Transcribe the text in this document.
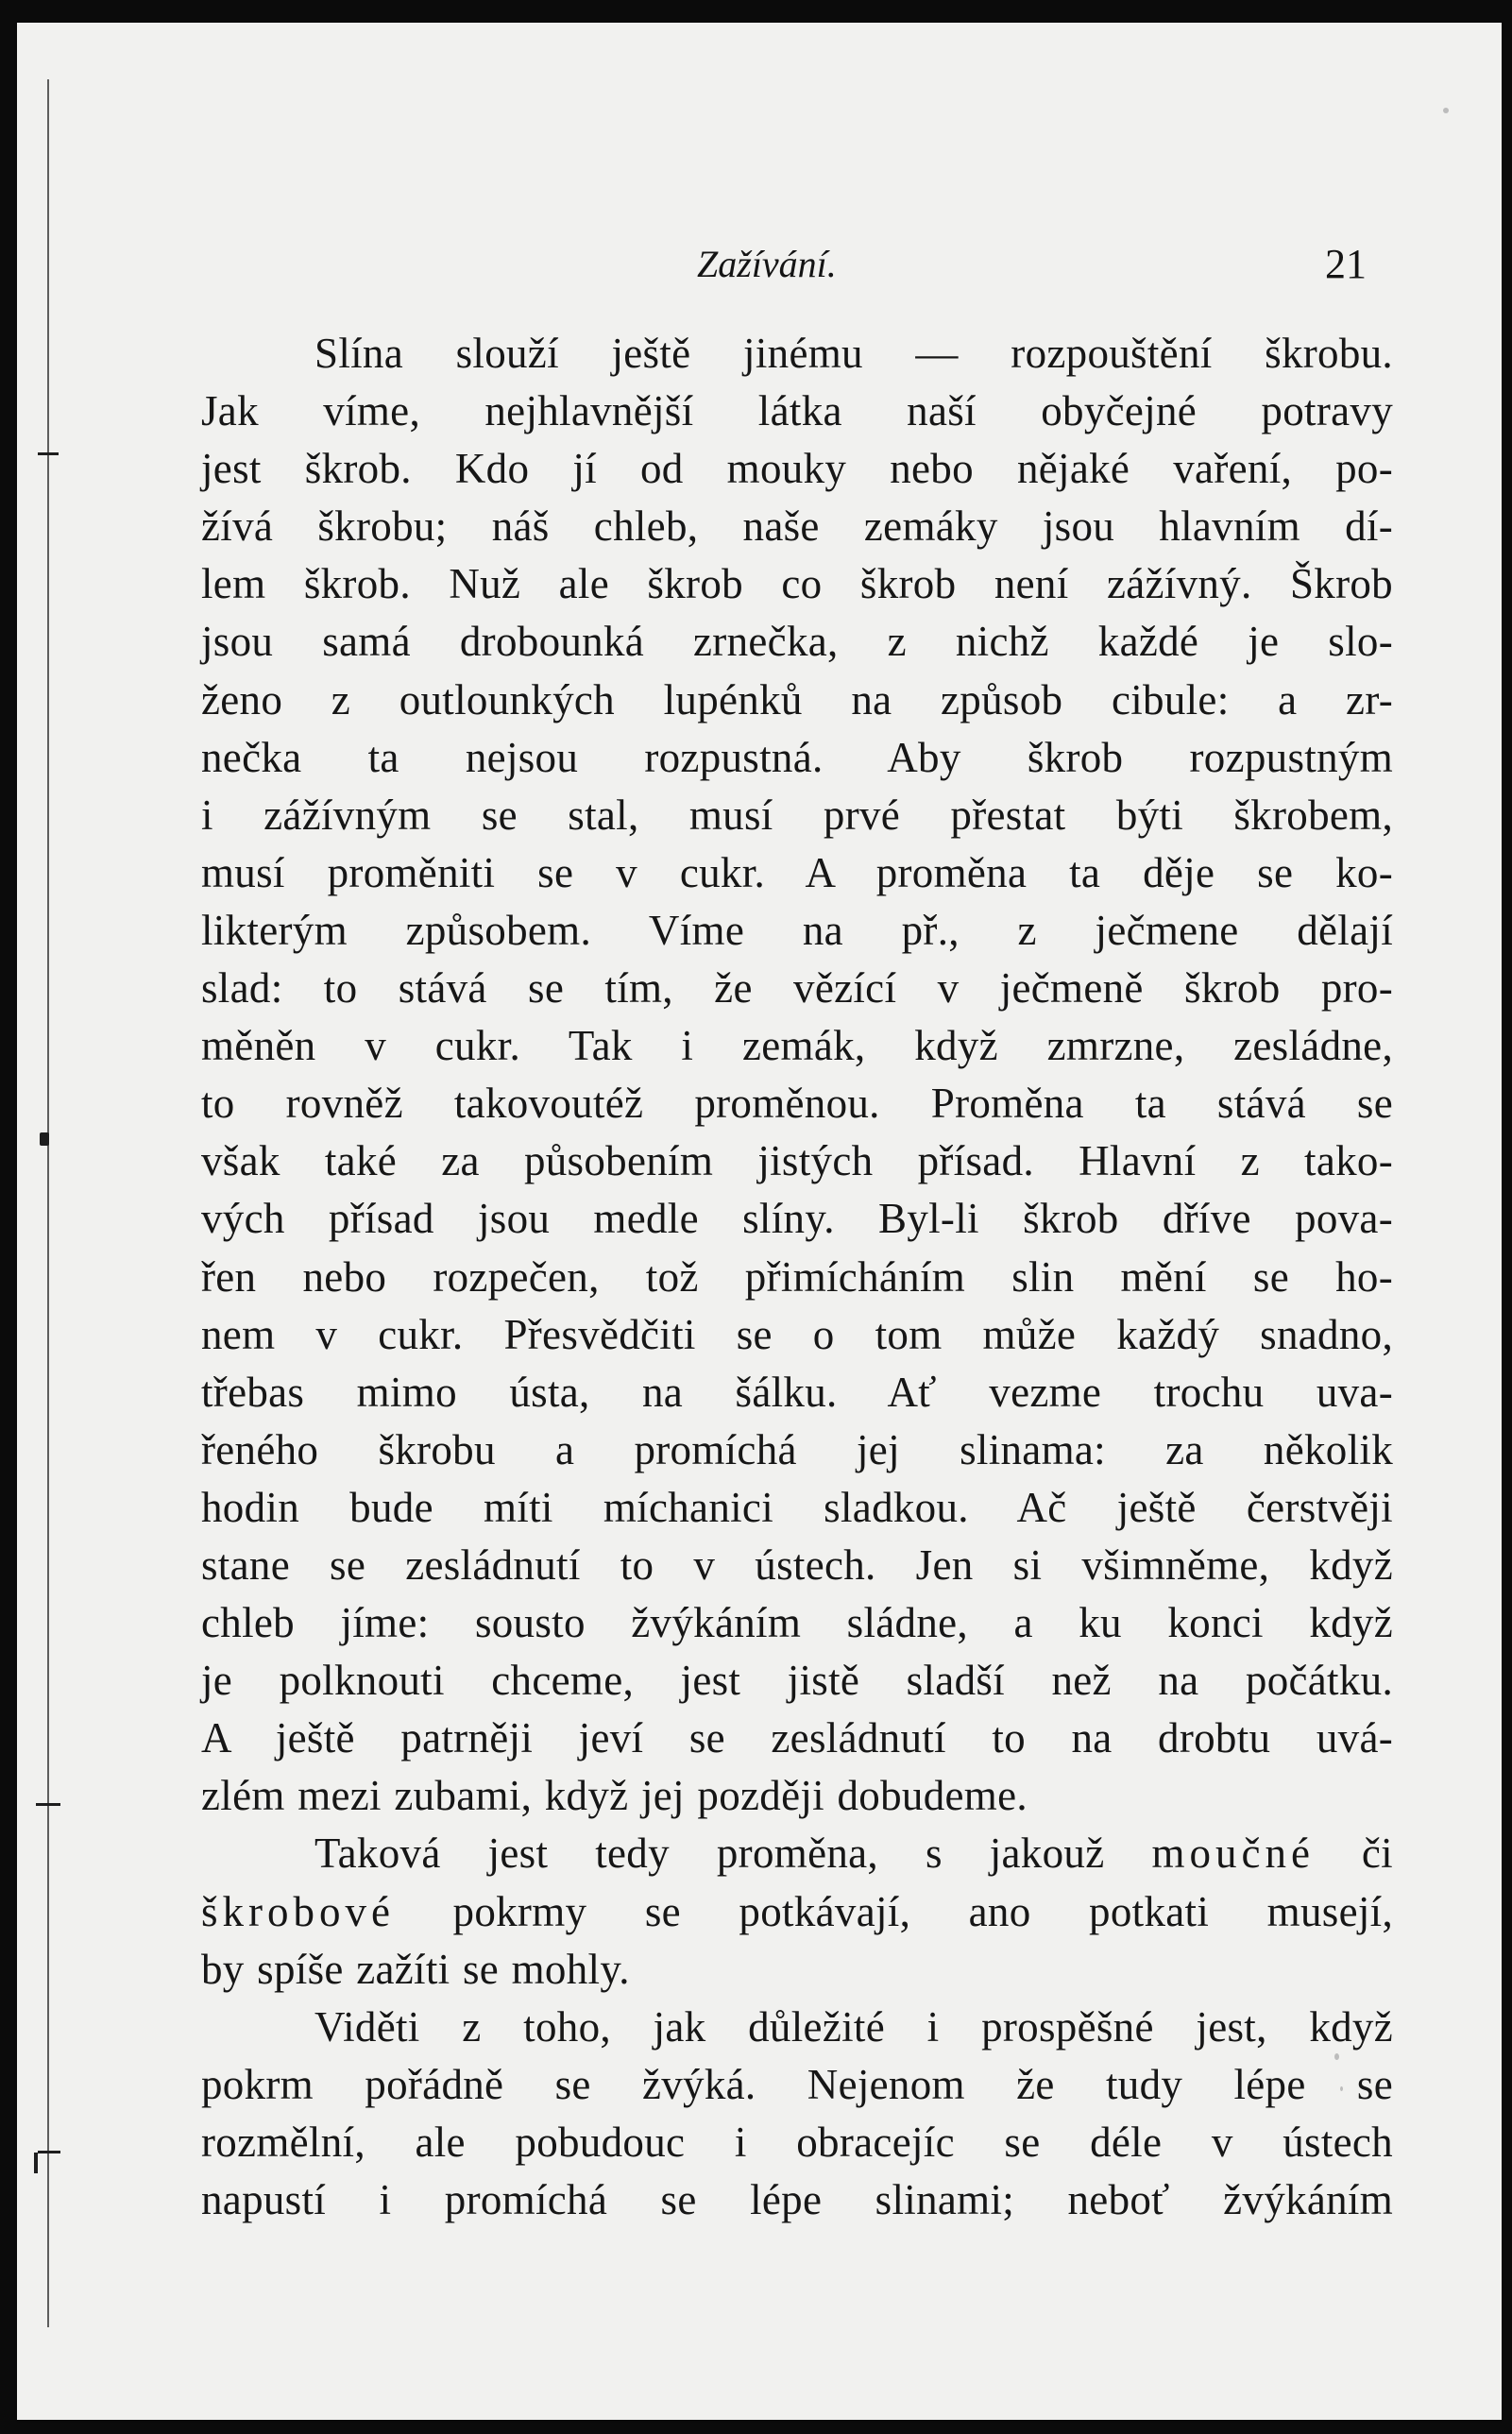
Zažívání.	21
Slína slouží ještě jinému — rozpouštění škrobu.
Jak víme, nejhlavnější látka naší obyčejné potravy
jest škrob. Kdo jí od mouky nebo nějaké vaření, po-
žívá škrobu; náš chleb, naše zemáky jsou hlavním dí-
lem škrob. Nuž ale škrob co škrob není zážívný. Škrob
jsou samá drobounká zrnečka, z nichž každé je slo-
ženo z outlounkých lupénků na způsob cibule: a zr-
nečka ta nejsou rozpustná. Aby škrob rozpustným
i zážívným se stal, musí prvé přestat býti škrobem,
musí proměniti se v cukr. A proměna ta děje se ko-
likterým způsobem. Víme na př., z ječmene dělají
slad: to stává se tím, že vězící v ječmeně škrob pro-
měněn v cukr. Tak i zemák, když zmrzne, zesládne,
to rovněž takovoutéž proměnou. Proměna ta stává se
však také za působením jistých přísad. Hlavní z tako-
vých přísad jsou medle slíny. Byl-li škrob dříve pova-
řen nebo rozpečen, tož přimícháním slin mění se ho-
nem v cukr. Přesvědčiti se o tom může každý snadno,
třebas mimo ústa, na šálku. Ať vezme trochu uva-
řeného škrobu a promíchá jej slinama: za několik
hodin bude míti míchanici sladkou. Ač ještě čerstvěji
stane se zesládnutí to v ústech. Jen si všimněme, když
chleb jíme: sousto žvýkáním sládne, a ku konci když
je polknouti chceme, jest jistě sladší než na počátku.
A ještě patrněji jeví se zesládnutí to na drobtu uvá-
zlém mezi zubami, když jej později dobudeme.
Taková jest tedy proměna, s jakouž moučné či
škrobové pokrmy se potkávají, ano potkati musejí,
by spíše zažíti se mohly.
Viděti z toho, jak důležité i prospěšné jest, když
pokrm pořádně se žvýká. Nejenom že tudy lépe se
rozmělní, ale pobudouc i obracejíc se déle v ústech
napustí i promíchá se lépe slinami; neboť žvýkáním
